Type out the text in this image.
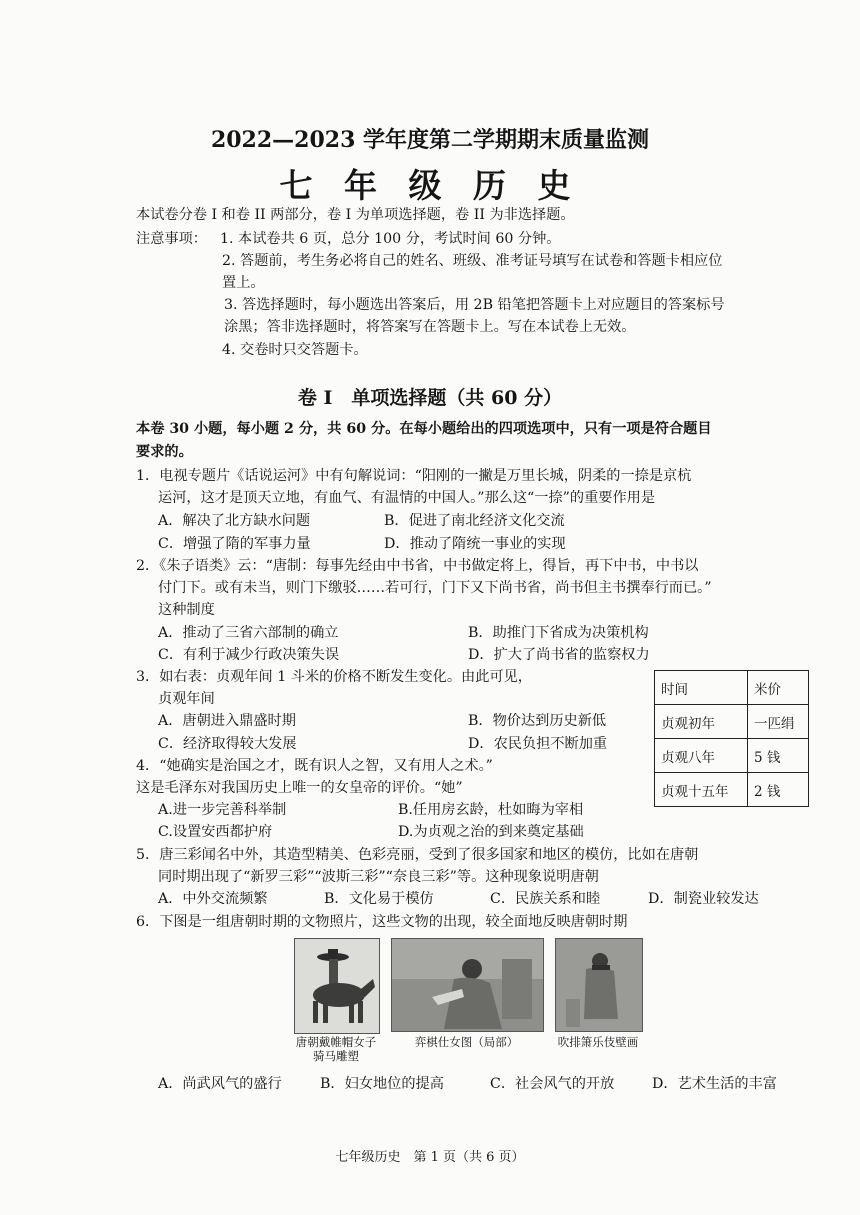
2022—2023 学年度第二学期期末质量监测
七 年 级 历 史
本试卷分卷 I 和卷 II 两部分，卷 I 为单项选择题，卷 II 为非选择题。
注意事项： 1. 本试卷共 6 页，总分 100 分，考试时间 60 分钟。
2. 答题前，考生务必将自己的姓名、班级、准考证号填写在试卷和答题卡相应位
置上。
3. 答选择题时，每小题选出答案后，用 2B 铅笔把答题卡上对应题目的答案标号
涂黑；答非选择题时，将答案写在答题卡上。写在本试卷上无效。
4. 交卷时只交答题卡。
卷 I　单项选择题（共 60 分）
本卷 30 小题，每小题 2 分，共 60 分。在每小题给出的四项选项中，只有一项是符合题目
要求的。
1．电视专题片《话说运河》中有句解说词：“阳刚的一撇是万里长城，阴柔的一捺是京杭
运河，这才是顶天立地，有血气、有温情的中国人。”那么这“一捺”的重要作用是
A．解决了北方缺水问题	B．促进了南北经济文化交流
C．增强了隋的军事力量	D．推动了隋统一事业的实现
2．《朱子语类》云：“唐制：每事先经由中书省，中书做定将上，得旨，再下中书，中书以
付门下。或有未当，则门下缴驳……若可行，门下又下尚书省，尚书但主书撰奉行而已。”
这种制度
A．推动了三省六部制的确立	B．助推门下省成为决策机构
C．有利于减少行政决策失误	D．扩大了尚书省的监察权力
3．如右表：贞观年间 1 斗米的价格不断发生变化。由此可见，
贞观年间
A．唐朝进入鼎盛时期	B．物价达到历史新低
C．经济取得较大发展	D．农民负担不断加重
时间	米价
贞观初年	一匹绢
贞观八年	5 钱
贞观十五年	2 钱
4．“她确实是治国之才，既有识人之智，又有用人之术。”
这是毛泽东对我国历史上唯一的女皇帝的评价。“她”
A.进一步完善科举制	B.任用房玄龄，杜如晦为宰相
C.设置安西都护府	D.为贞观之治的到来奠定基础
5．唐三彩闻名中外，其造型精美、色彩亮丽，受到了很多国家和地区的模仿，比如在唐朝
同时期出现了“新罗三彩”“波斯三彩”“奈良三彩”等。这种现象说明唐朝
A．中外交流频繁	B．文化易于模仿	C．民族关系和睦	D．制瓷业较发达
6．下图是一组唐朝时期的文物照片，这些文物的出现，较全面地反映唐朝时期
唐朝戴帷帽女子
骑马雕塑
弈棋仕女图（局部）	吹排箫乐伎壁画
A．尚武风气的盛行	B．妇女地位的提高	C．社会风气的开放	D．艺术生活的丰富
七年级历史　第 1 页（共 6 页）
